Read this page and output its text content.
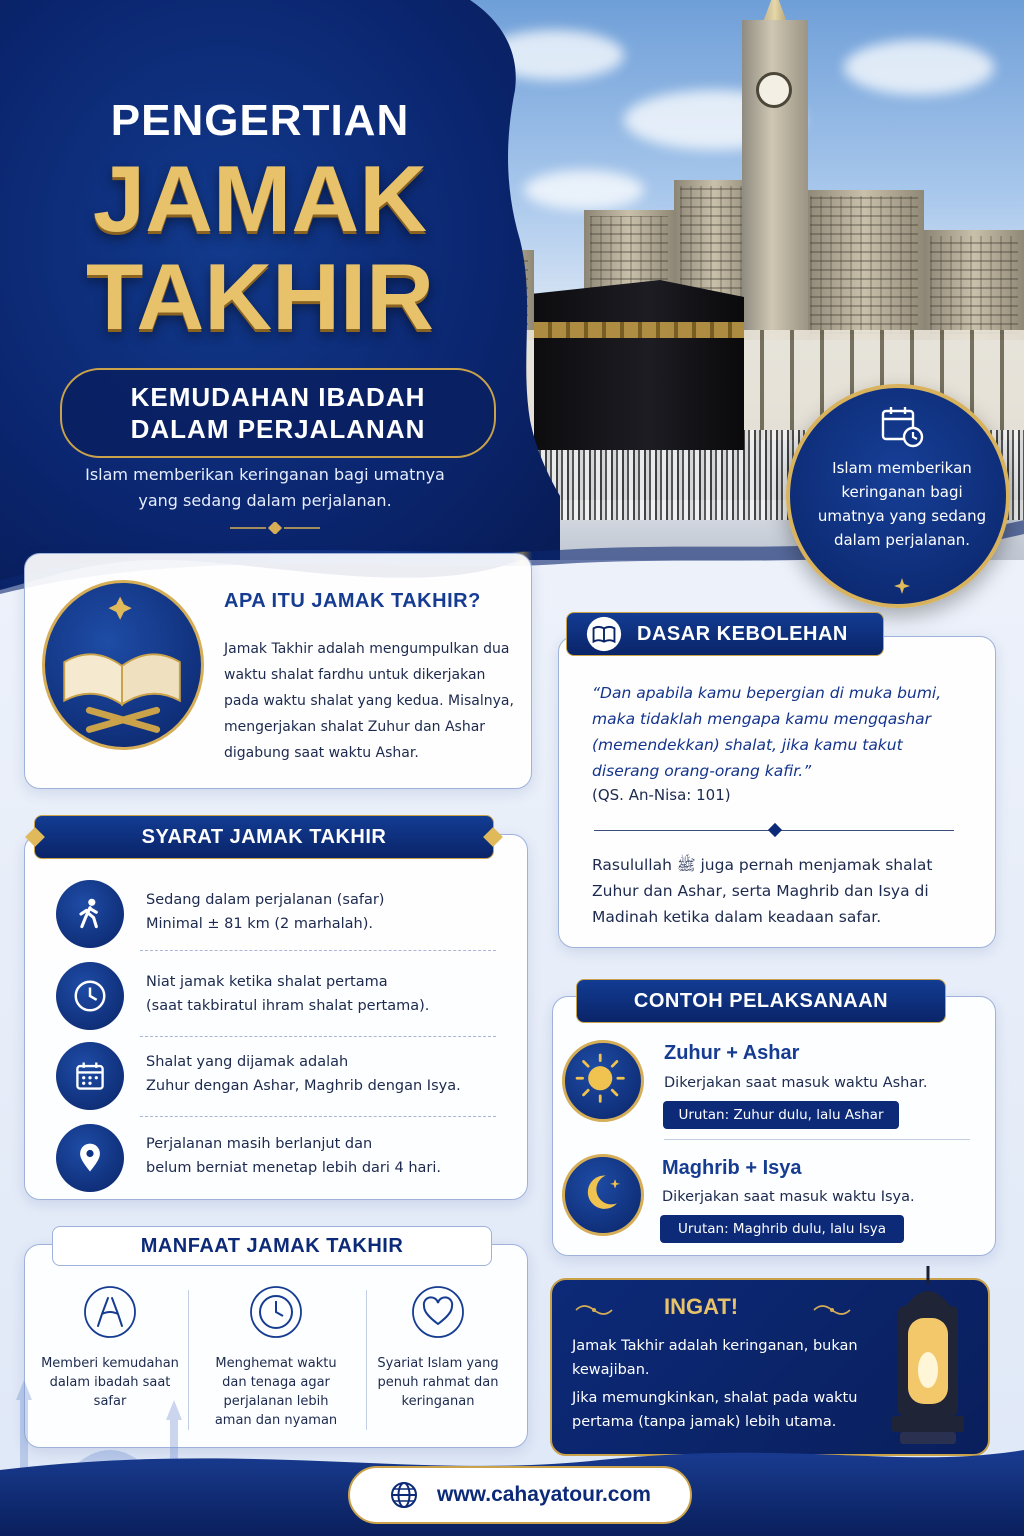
PENGERTIAN
JAMAK
TAKHIR
KEMUDAHAN IBADAH
DALAM PERJALANAN
Islam memberikan keringanan bagi umatnya
yang sedang dalam perjalanan.
Islam memberikan keringanan bagi umatnya yang sedang dalam perjalanan.
APA ITU JAMAK TAKHIR?
Jamak Takhir adalah mengumpulkan dua waktu shalat fardhu untuk dikerjakan pada waktu shalat yang kedua. Misalnya, mengerjakan shalat Zuhur dan Ashar digabung saat waktu Ashar.
DASAR KEBOLEHAN
“Dan apabila kamu bepergian di muka bumi, maka tidaklah mengapa kamu mengqashar (memendekkan) shalat, jika kamu takut diserang orang-orang kafir.”
(QS. An-Nisa: 101)
Rasulullah ﷺ juga pernah menjamak shalat Zuhur dan Ashar, serta Maghrib dan Isya di Madinah ketika dalam keadaan safar.
SYARAT JAMAK TAKHIR
Sedang dalam perjalanan (safar)
Minimal ± 81 km (2 marhalah).
Niat jamak ketika shalat pertama
(saat takbiratul ihram shalat pertama).
Shalat yang dijamak adalah
Zuhur dengan Ashar, Maghrib dengan Isya.
Perjalanan masih berlanjut dan
belum berniat menetap lebih dari 4 hari.
CONTOH PELAKSANAAN
Zuhur + Ashar
Dikerjakan saat masuk waktu Ashar.
Urutan: Zuhur dulu, lalu Ashar
Maghrib + Isya
Dikerjakan saat masuk waktu Isya.
Urutan: Maghrib dulu, lalu Isya
MANFAAT JAMAK TAKHIR
Memberi kemudahan dalam ibadah saat safar
Menghemat waktu dan tenaga agar perjalanan lebih aman dan nyaman
Syariat Islam yang penuh rahmat dan keringanan
INGAT!
Jamak Takhir adalah keringanan, bukan kewajiban.
Jika memungkinkan, shalat pada waktu pertama (tanpa jamak) lebih utama.
www.cahayatour.com
